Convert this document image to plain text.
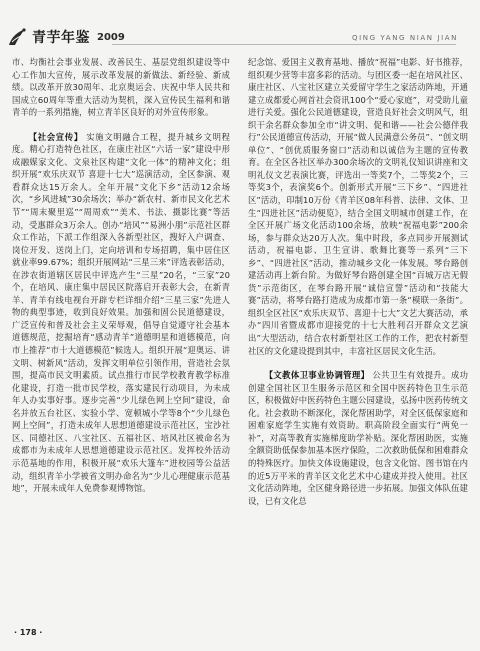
青芋年鉴 2009	QING YANG NIAN JIAN

市、均衡社会事业发展、改善民生、基层党组织建设等中心工作加大宣传，展示改革发展的新做法、新经验、新成绩。以改革开放30周年、北京奥运会、庆祝中华人民共和国成立60周年等重大活动为契机，深入宣传民生福利和谐青羊的一系列措施，树立青羊区良好的对外宣传形象。

【社会宣传】 实施文明融合工程，提升城乡文明程度。精心打造特色社区，在康庄社区“六话一家”建设中形成融媒家文化、文泉社区构建“文化一体”的精神文化；组织开展“欢乐庆双节 喜迎十七大”巡演活动，全区参演、观看群众达15万余人。全年开展“文化下乡”活动12余场次，“乡风进城”30余场次；举办“新农村、新市民文化艺术节”“周末聚里巡”“周周欢”“美术、书法、摄影比赛”等活动，受惠群众3万余人。创办“培风”“易洲小朋”示范社区群众工作站，下派工作组深入各新型社区，搜好入户调查、岗位开发、送岗上门，定向培训和专场招聘，集中居住区就业率99.67%；组织开展网站“三星三来”评选表彰活动，在涉农街道辖区居民中评选产生“三星”20名，“三家”20个，在培风、康庄集中居民区院落启开表彰大会，在新青羊、青羊有线电视台开辟专栏详细介绍“三星三家”先进人物的典型事迹，收到良好效果。加强和固公民道德建设，广泛宣传和普及社会主义荣辱观，倡导自觉遵守社会基本道德规范，挖掘培育“感动青羊”道德明星和道德模范，向市上推荐“市十大道德模范”候选人。组织开展“迎奥运、讲文明、树新风”活动，发挥文明单位引领作用，营造社会氛围，提高市民文明素质。试点推行市民学校教育教学标准化建设，打造一批市民学校，落实建民行动项目，为未成年人办实事好事。逐步完善“少儿绿色网上空间”建设，命名并放五台社区、实验小学、宽顿城小学等8个“少儿绿色网上空间”，打造未成年人思想道德建设示范社区，宝沙社区、同德社区、八宝社区、五福社区、培风社区被命名为成都市为未成年人思想道德建设示范社区。发挥校外活动示范基地的作用，积极开展“欢乐大篷车”进校园等公益活动，组织青羊小学被省文明办命名为“少儿心理健康示范基地”，开展未成年人免费参观博物馆。

纪念馆、爱国主义教育基地、播放“祝福”电影、好书推荐，组织观少营等丰富多彩的活动。与团区委一起在培风社区、康庄社区、八宝社区建立关爱留守学生之家活动阵地，开通建立成都爱心网首社会资讯100个“爱心家庭”，对受助儿童进行关爱。强化公民道德建设，营造良好社会文明风气，组织干余名群众参加全市“讲文明、促和谐——社会公德伴我行”公民道德宣传活动，开展“做人民满意公务员”、“创文明单位”、“创优质服务窗口”活动和以诚信为主题的宣传教育。在全区各社区举办300余场次的文明礼仪知识讲座和文明礼仪文艺表演比赛，评选出一等奖7个，二等奖2个，三等奖3个，表演奖6个。创新形式开展“三下乡”、“四进社区”活动，印制10万份《青羊区08年科普、法律、文体、卫生“四进社区”活动便览》，结合全国文明城市创建工作，在全区开展广场文化活动100余场，放映“祝福电影”200余场，参与群众达20万人次。集中时段，多点同步开展测试活动，祝福电影、卫生宣讲、歌舞比赛等一系列“三下乡”、“四进社区”活动，推动城乡文化一体发展。琴台路创建活动再上新台阶。为做好琴台路创建全国“百城万店无假货”示范街区，在琴台路开展“诚信宣誓”活动和“技能大赛”活动，将琴台路打造成为成都市第一条“模联一条街”。组织全区社区“欢乐庆双节、喜迎十七大”文艺大赛活动，承办“四川省暨成都市迎接党的十七大胜利召开群众文艺演出”大型活动，结合农村新型社区工作的工作，把农村新型社区的文化建设提到其中，丰富社区居民文化生活。

【文教体卫事业协调管理】 公共卫生有效提升。成功创建全国社区卫生服务示范区和全国中医药特色卫生示范区，积极做好中医药特色主题公园建设，弘扬中医药传统文化。社会救助不断深化，深化帮困助学，对全区低保家庭和困难家庭学生实施有效资助。职高阶段全面实行“两免一补”，对高等教育实施梯度助学补贴。深化帮困助医，实施全额资助低保参加基本医疗保险，二次救助低保和困难群众的特殊医疗。加快文体设施建设，包含文化馆、图书馆在内的近5万平米的青羊区文化艺术中心建成并投入使用。社区文化活动阵地，全区健身路径进一步拓展。加强文体队伍建设，已有文化总

· 178 ·
